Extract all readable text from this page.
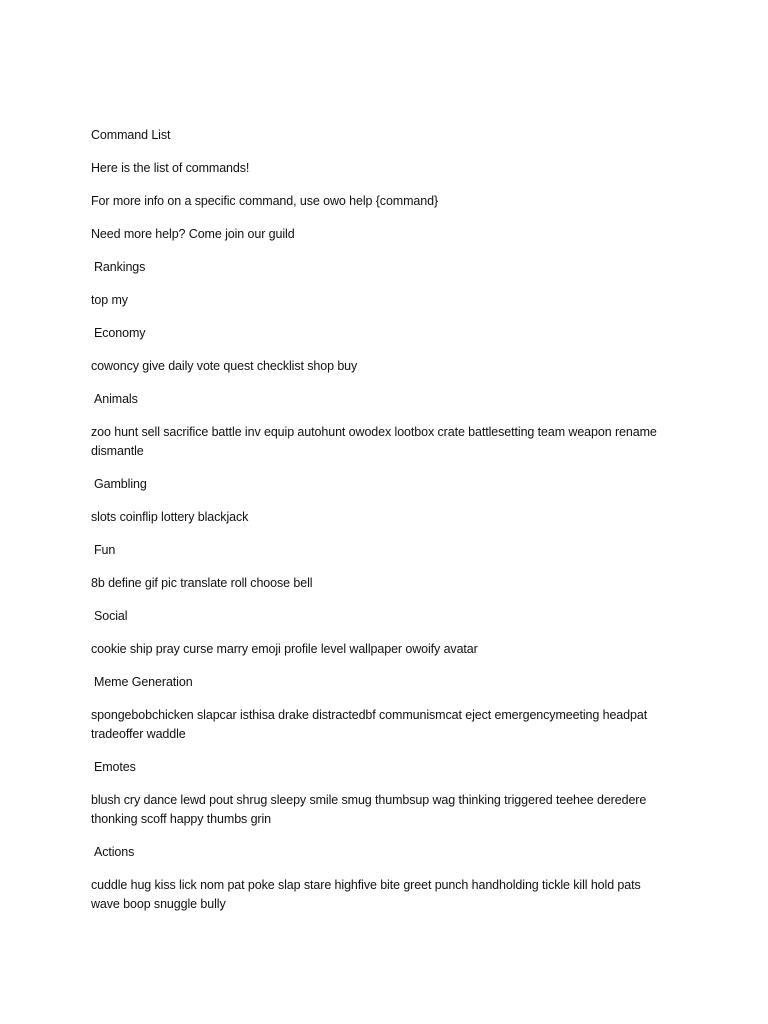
Command List
Here is the list of commands!
For more info on a specific command, use owo help {command}
Need more help? Come join our guild
Rankings
top my
Economy
cowoncy give daily vote quest checklist shop buy
Animals
zoo hunt sell sacrifice battle inv equip autohunt owodex lootbox crate battlesetting team weapon rename dismantle
Gambling
slots coinflip lottery blackjack
Fun
8b define gif pic translate roll choose bell
Social
cookie ship pray curse marry emoji profile level wallpaper owoify avatar
Meme Generation
spongebobchicken slapcar isthisa drake distractedbf communismcat eject emergencymeeting headpat tradeoffer waddle
Emotes
blush cry dance lewd pout shrug sleepy smile smug thumbsup wag thinking triggered teehee deredere thonking scoff happy thumbs grin
Actions
cuddle hug kiss lick nom pat poke slap stare highfive bite greet punch handholding tickle kill hold pats wave boop snuggle bully
